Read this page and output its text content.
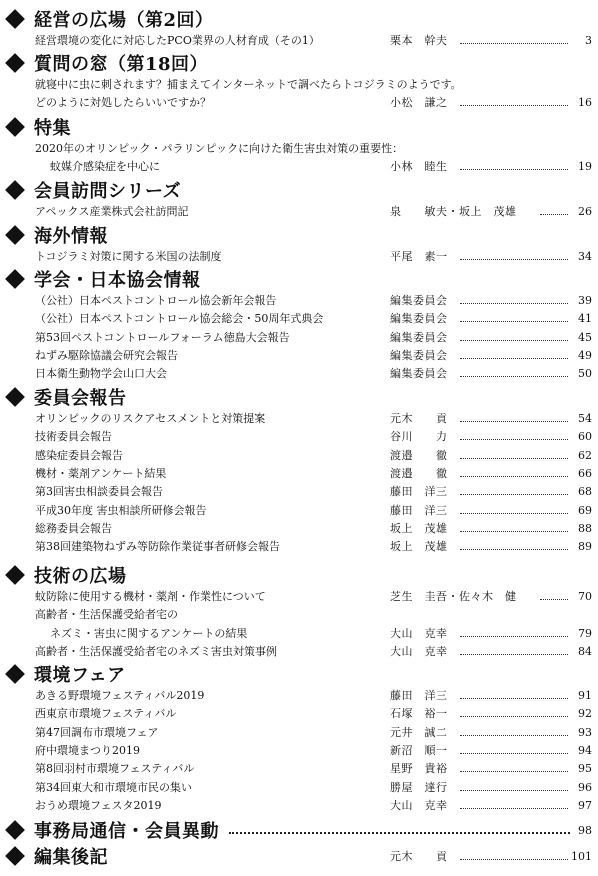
経営の広場（第2回）
経営環境の変化に対応したPCO業界の人材育成（その1）	栗本　幹夫	3
質問の窓（第18回）
就寝中に虫に刺されます？捕まえてインターネットで調べたらトコジラミのようです。
どのように対処したらいいですか？	小松　謙之	16
特集
2020年のオリンピック・パラリンピックに向けた衛生害虫対策の重要性：
蚊媒介感染症を中心に	小林　睦生	19
会員訪問シリーズ
アペックス産業株式会社訪問記	泉　　敏夫・坂上　茂雄	26
海外情報
トコジラミ対策に関する米国の法制度	平尾　素一	34
学会・日本協会情報
（公社）日本ペストコントロール協会新年会報告	編集委員会	39
（公社）日本ペストコントロール協会総会・50周年式典会	編集委員会	41
第53回ペストコントロールフォーラム徳島大会報告	編集委員会	45
ねずみ駆除協議会研究会報告	編集委員会	49
日本衛生動物学会山口大会	編集委員会	50
委員会報告
オリンピックのリスクアセスメントと対策提案	元木　　貢	54
技術委員会報告	谷川　　力	60
感染症委員会報告	渡邉　　徹	62
機材・薬剤アンケート結果	渡邉　　徹	66
第3回害虫相談委員会報告	藤田　洋三	68
平成30年度 害虫相談所研修会報告	藤田　洋三	69
総務委員会報告	坂上　茂雄	88
第38回建築物ねずみ等防除作業従事者研修会報告	坂上　茂雄	89
技術の広場
蚊防除に使用する機材・薬剤・作業性について	芝生　圭吾・佐々木　健	70
高齢者・生活保護受給者宅の
ネズミ・害虫に関するアンケートの結果	大山　克幸	79
高齢者・生活保護受給者宅のネズミ害虫対策事例	大山　克幸	84
環境フェア
あきる野環境フェスティバル2019	藤田　洋三	91
西東京市環境フェスティバル	石塚　裕一	92
第47回調布市環境フェア	元井　誠二	93
府中環境まつり2019	新沼　順一	94
第8回羽村市環境フェスティバル	星野　貴裕	95
第34回東大和市環境市民の集い	勝屋　達行	96
おうめ環境フェスタ2019	大山　克幸	97
事務局通信・会員異動	98
編集後記	元木　　貢	101
